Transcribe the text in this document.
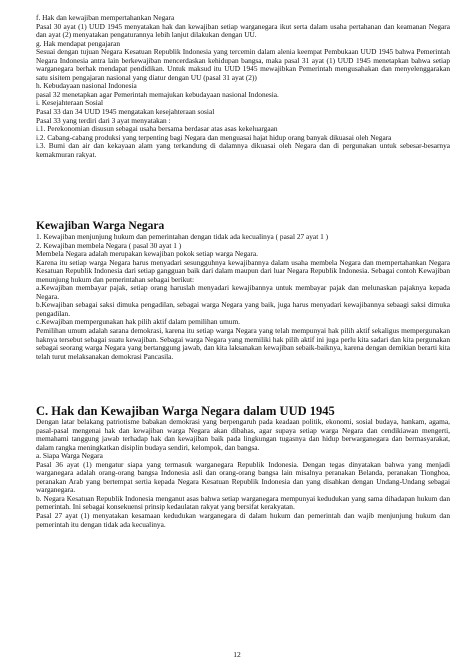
f. Hak dan kewajiban mempertahankan Negara

Pasal 30 ayat (1) UUD 1945 menyatakan hak dan kewajiban setiap warganegara ikut serta dalam usaha pertahanan dan keamanan Negara dan ayat (2) menyatakan pengaturannya lebih lanjut dilakukan dengan UU.

g. Hak mendapat pengajaran

Sesuai dengan tujuan Negara Kesatuan Republik Indonesia yang tercemin dalam alenia keempat Pembukaan UUD 1945 bahwa Pemerintah Negara Indonesia antra lain berkewajiban mencerdaskan kehidupan bangsa, maka pasal 31 ayat (1) UUD 1945 menetapkan bahwa setiap warganegara berhak mendapat pendidikan. Untuk maksud itu UUD 1945 mewajibkan Pemerintah mengusahakan dan menyelenggarakan satu sisitem pengajaran nasional yang diatur dengan UU (pasal 31 ayat (2))

h. Kebudayaan nasional Indonesia

pasal 32 menetapkan agar Pemerintah memajukan kebudayaan nasional Indonesia.

i. Kesejahteraan Sosial

Pasal 33 dan 34 UUD 1945 mengatakan kesejahteraan sosial

Pasal 33 yang terdiri dari 3 ayat menyatakan :

i.1. Perekonomian disusun sebagai usaha bersama berdasar atas asas kekeluargaan

i.2. Cabang-cabang produksi yang terpenting bagi Negara dan menguasai hajat hidup orang banyak dikuasai oleh Negara

i.3. Bumi dan air dan kekayaan alam yang terkandung di dalamnya dikuasai oleh Negara dan di pergunakan untuk sebesar-besarnya kemakmuran rakyat.

Kewajiban Warga Negara

1. Kewajiban menjunjung hukum dan pemerintahan dengan tidak ada kecualinya ( pasal 27 ayat 1 )

2. Kewajiban membela Negara ( pasal 30 ayat 1 )

Membela Negara adalah merupakan kewajiban pokok setiap warga Negara.

Karena itu setiap warga Negara harus menyadari sesungguhnya kewajibannya dalam usaha membela Negara dan mempertahankan Negara Kesatuan Republik Indonesia dari setiap gangguan baik dari dalam maupun dari luar Negara Republik Indonesia. Sebagai contoh Kewajiban menunjung hukum dan pemerintahan sebagai berikut:

a.Kewajiban membayar pajak, setiap orang haruslah menyadari kewajibannya untuk membayar pajak dan melunaskan pajaknya kepada Negara.

b.Kewajiban sebagai saksi dimuka pengadilan, sebagai warga Negara yang baik, juga harus menyadari kewajibannya sebaagi saksi dimuka pengadilan.

c.Kewajiban mempergunakan hak pilih aktif dalam pemilihan umum.

Pemilihan umum adalah sarana demokrasi, karena itu setiap warga Negara yang telah mempunyai hak pilih aktif sekaligus mempergunakan haknya tersebut sebagai suatu kewajiban. Sebagai warga Negara yang memiliki hak pilih aktif ini juga perlu kita sadari dan kita pergunakan sebagai seorang warga Negara yang bertanggung jawab, dan kita laksanakan kewajiban sebaik-baiknya, karena dengan demikian berarti kita telah turut melaksanakan demokrasi Pancasila.

C. Hak dan Kewajiban Warga Negara dalam UUD 1945

Dengan latar belakang patriotisme babakan demokrasi yang berpengaruh pada keadaan politik, ekonomi, sosial budaya, hankam, agama, pasal-pasal mengenai hak dan kewajiban warga Negara akan dibahas, agar supaya setiap warga Negara dan cendikiawan mengerti, memahami tanggung jawab terhadap hak dan kewajiban baik pada lingkungan tugasnya dan hidup berwarganegara dan bermasyarakat, dalam rangka meningkatkan disiplin budaya sendiri, kelompok, dan bangsa.

a. Siapa Warga Negara

Pasal 36 ayat (1) mengatur siapa yang termasuk warganegara Republik Indonesia. Dengan tegas dinyatakan bahwa yang menjadi warganegara adalah orang-orang bangsa Indonesia asli dan orang-orang bangsa lain misalnya peranakan Belanda, peranakan Tionghoa, peranakan Arab yang bertempat sertia kepada Negara Kesatuan Republik Indonesia dan yang disahkan dengan Undang-Undang sebagai warganegara.

b. Negara Kesatuan Republik Indonesia menganut asas bahwa setiap warganegara mempunyai kedudukan yang sama dihadapan hukum dan pemerintah. Ini sebagai konsekuensi prinsip kedaulatan rakyat yang bersifat kerakyatan.

Pasal 27 ayat (1) menyatakan kesamaan kedudukan warganegara di dalam hukum dan pemerintah dan wajib menjunjung hukum dan pemerintah itu dengan tidak ada kecualinya.

12
